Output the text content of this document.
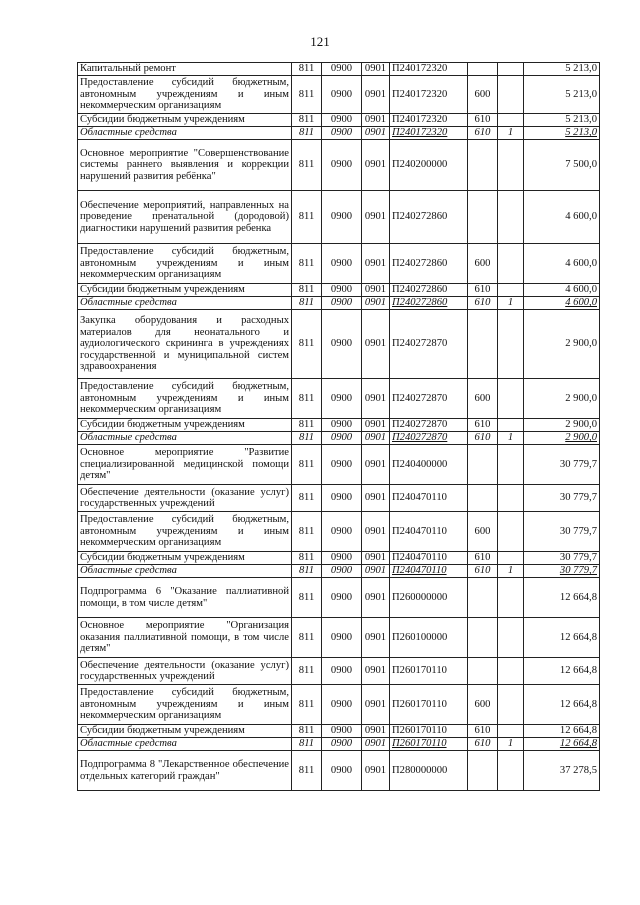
121
Капитальный ремонт	811	0900	0901	П240172320			5 213,0
Предоставление субсидий бюджетным, автономным учреждениям и иным некоммерческим организациям	811	0900	0901	П240172320	600		5 213,0
Субсидии бюджетным учреждениям	811	0900	0901	П240172320	610		5 213,0
Областные средства	811	0900	0901	П240172320	610	1	5 213,0
Основное мероприятие "Совершенствование системы раннего выявления и коррекции нарушений развития ребёнка"	811	0900	0901	П240200000			7 500,0
Обеспечение мероприятий, направленных на проведение пренатальной (дородовой) диагностики нарушений развития ребенка	811	0900	0901	П240272860			4 600,0
Предоставление субсидий бюджетным, автономным учреждениям и иным некоммерческим организациям	811	0900	0901	П240272860	600		4 600,0
Субсидии бюджетным учреждениям	811	0900	0901	П240272860	610		4 600,0
Областные средства	811	0900	0901	П240272860	610	1	4 600,0
Закупка оборудования и расходных материалов для неонатального и аудиологического скрининга в учреждениях государственной и муниципальной систем здравоохранения	811	0900	0901	П240272870			2 900,0
Предоставление субсидий бюджетным, автономным учреждениям и иным некоммерческим организациям	811	0900	0901	П240272870	600		2 900,0
Субсидии бюджетным учреждениям	811	0900	0901	П240272870	610		2 900,0
Областные средства	811	0900	0901	П240272870	610	1	2 900,0
Основное мероприятие "Развитие специализированной медицинской помощи детям"	811	0900	0901	П240400000			30 779,7
Обеспечение деятельности (оказание услуг) государственных учреждений	811	0900	0901	П240470110			30 779,7
Предоставление субсидий бюджетным, автономным учреждениям и иным некоммерческим организациям	811	0900	0901	П240470110	600		30 779,7
Субсидии бюджетным учреждениям	811	0900	0901	П240470110	610		30 779,7
Областные средства	811	0900	0901	П240470110	610	1	30 779,7
Подпрограмма 6 "Оказание паллиативной помощи, в том числе детям"	811	0900	0901	П260000000			12 664,8
Основное мероприятие "Организация оказания паллиативной помощи, в том числе детям"	811	0900	0901	П260100000			12 664,8
Обеспечение деятельности (оказание услуг) государственных учреждений	811	0900	0901	П260170110			12 664,8
Предоставление субсидий бюджетным, автономным учреждениям и иным некоммерческим организациям	811	0900	0901	П260170110	600		12 664,8
Субсидии бюджетным учреждениям	811	0900	0901	П260170110	610		12 664,8
Областные средства	811	0900	0901	П260170110	610	1	12 664,8
Подпрограмма 8 "Лекарственное обеспечение отдельных категорий граждан"	811	0900	0901	П280000000			37 278,5
